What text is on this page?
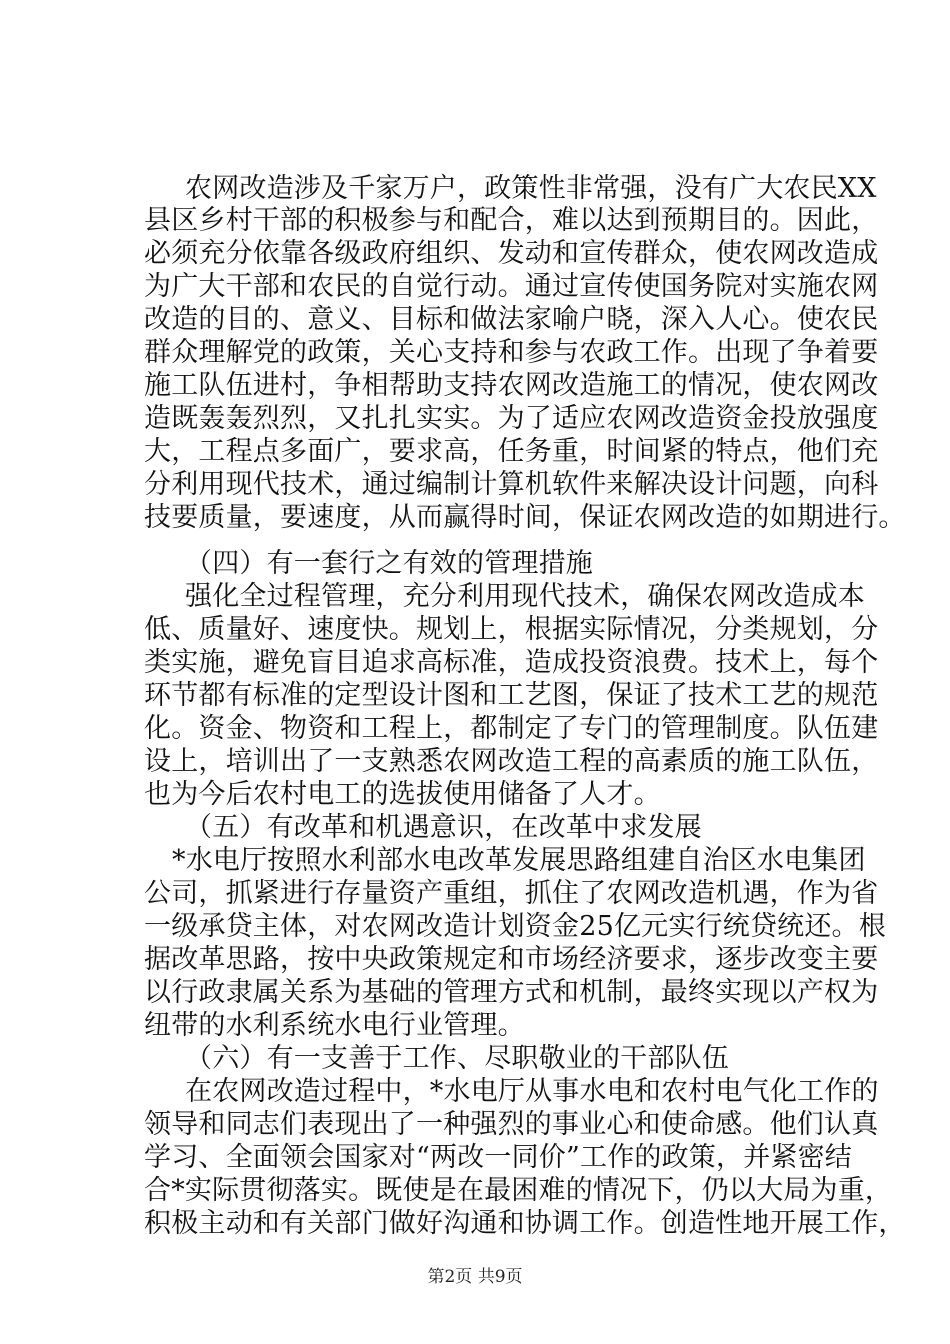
农网改造涉及千家万户，政策性非常强，没有广大农民XX
县区乡村干部的积极参与和配合，难以达到预期目的。因此，
必须充分依靠各级政府组织、发动和宣传群众，使农网改造成
为广大干部和农民的自觉行动。通过宣传使国务院对实施农网
改造的目的、意义、目标和做法家喻户晓，深入人心。使农民
群众理解党的政策，关心支持和参与农政工作。出现了争着要
施工队伍进村，争相帮助支持农网改造施工的情况，使农网改
造既轰轰烈烈，又扎扎实实。为了适应农网改造资金投放强度
大，工程点多面广，要求高，任务重，时间紧的特点，他们充
分利用现代技术，通过编制计算机软件来解决设计问题，向科
技要质量，要速度，从而赢得时间，保证农网改造的如期进行。
（四）有一套行之有效的管理措施
强化全过程管理，充分利用现代技术，确保农网改造成本
低、质量好、速度快。规划上，根据实际情况，分类规划，分
类实施，避免盲目追求高标准，造成投资浪费。技术上，每个
环节都有标准的定型设计图和工艺图，保证了技术工艺的规范
化。资金、物资和工程上，都制定了专门的管理制度。队伍建
设上，培训出了一支熟悉农网改造工程的高素质的施工队伍，
也为今后农村电工的选拔使用储备了人才。
（五）有改革和机遇意识，在改革中求发展
*水电厅按照水利部水电改革发展思路组建自治区水电集团
公司，抓紧进行存量资产重组，抓住了农网改造机遇，作为省
一级承贷主体，对农网改造计划资金25亿元实行统贷统还。根
据改革思路，按中央政策规定和市场经济要求，逐步改变主要
以行政隶属关系为基础的管理方式和机制，最终实现以产权为
纽带的水利系统水电行业管理。
（六）有一支善于工作、尽职敬业的干部队伍
在农网改造过程中，*水电厅从事水电和农村电气化工作的
领导和同志们表现出了一种强烈的事业心和使命感。他们认真
学习、全面领会国家对“两改一同价”工作的政策，并紧密结
合*实际贯彻落实。既使是在最困难的情况下，仍以大局为重，
积极主动和有关部门做好沟通和协调工作。创造性地开展工作，
第2页 共9页
